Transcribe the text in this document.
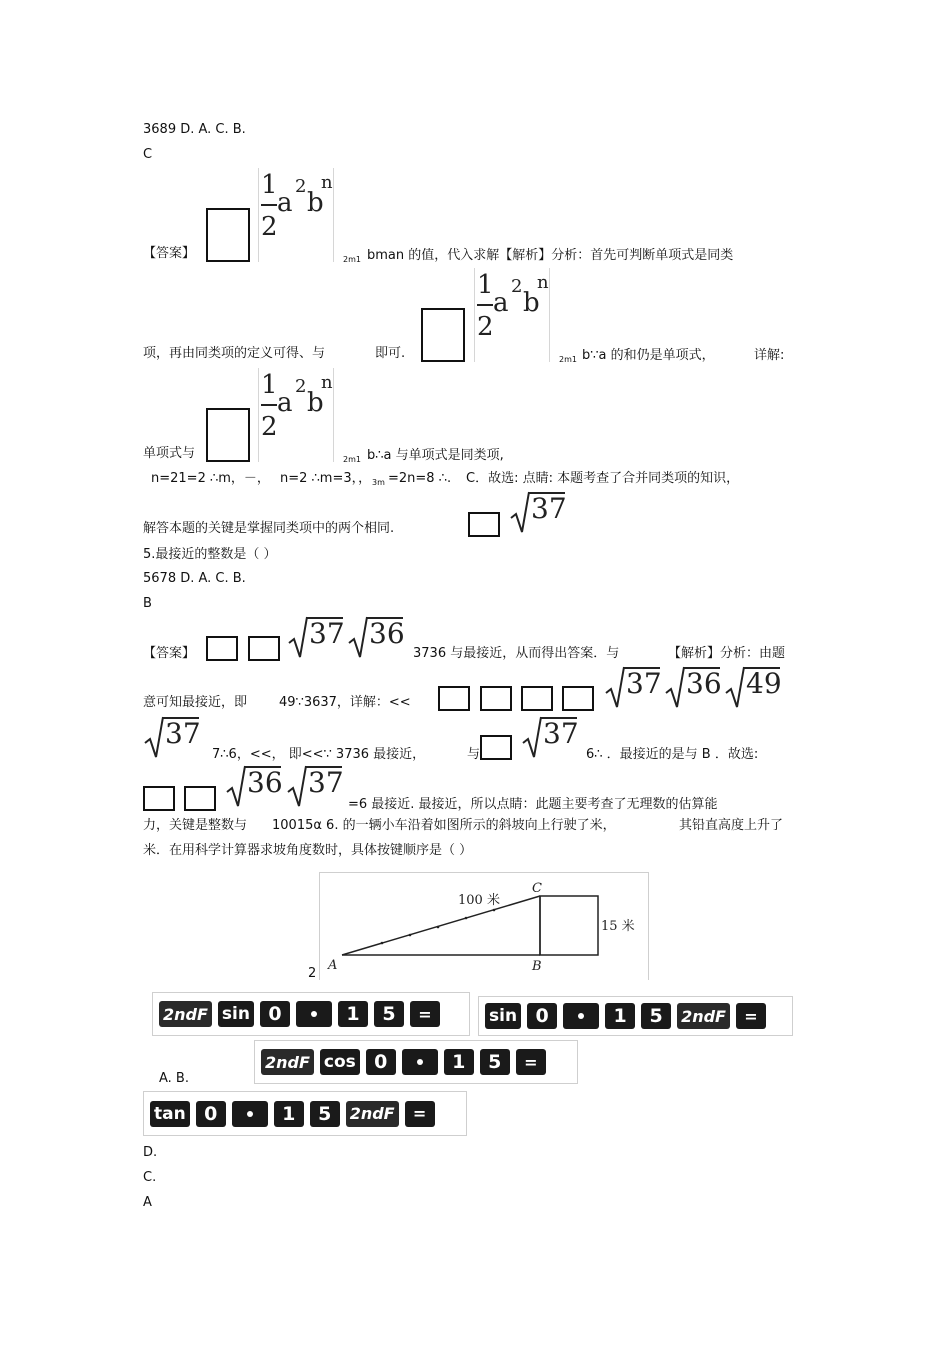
3689 D. A. C. B.
C
【答案】
1
2
a
2
b
n
2m1 bman 的值，代入求解【解析】分析：首先可判断单项式是同类
项，再由同类项的定义可得、与	即可.
1
2
a
2
b
n
2m1 b∵a 的和仍是单项式，	详解:
单项式与
1
2
a
2
b
n
2m1 b∴a 与单项式是同类项,
n=21=2 ∴m，－， n=2 ∴m=3，， 3m =2n=8 ∴. C．故选: 点睛: 本题考查了合并同类项的知识，
解答本题的关键是掌握同类项中的两个相同.
37
5.最接近的整数是（ ）
5678 D. A. C. B.
B
【答案】
37 36
3736 与最接近，从而得出答案．与	【解析】分析：由题
意可知最接近，即 49∵3637，详解：<<
37 36 49
37
7∴6，<<， 即<<∵ 3736 最接近，	与
37
6∴ ．最接近的是与 B ．故选:
36 37
=6 最接近. 最接近，所以点睛：此题主要考查了无理数的估算能
力，关键是整数与 10015α 6. 的一辆小车沿着如图所示的斜坡向上行驶了米，	其铅直高度上升了
米．在用科学计算器求坡角度数时，具体按键顺序是（ ）
100 米
15 米
A	B
C
2
2ndF sin 0	1	5	=	sin 0	1	5	2ndF	=
2ndF cos 0	1	5	=
A. B.
tan 0	1	5	2ndF	=
D.
C.
A
